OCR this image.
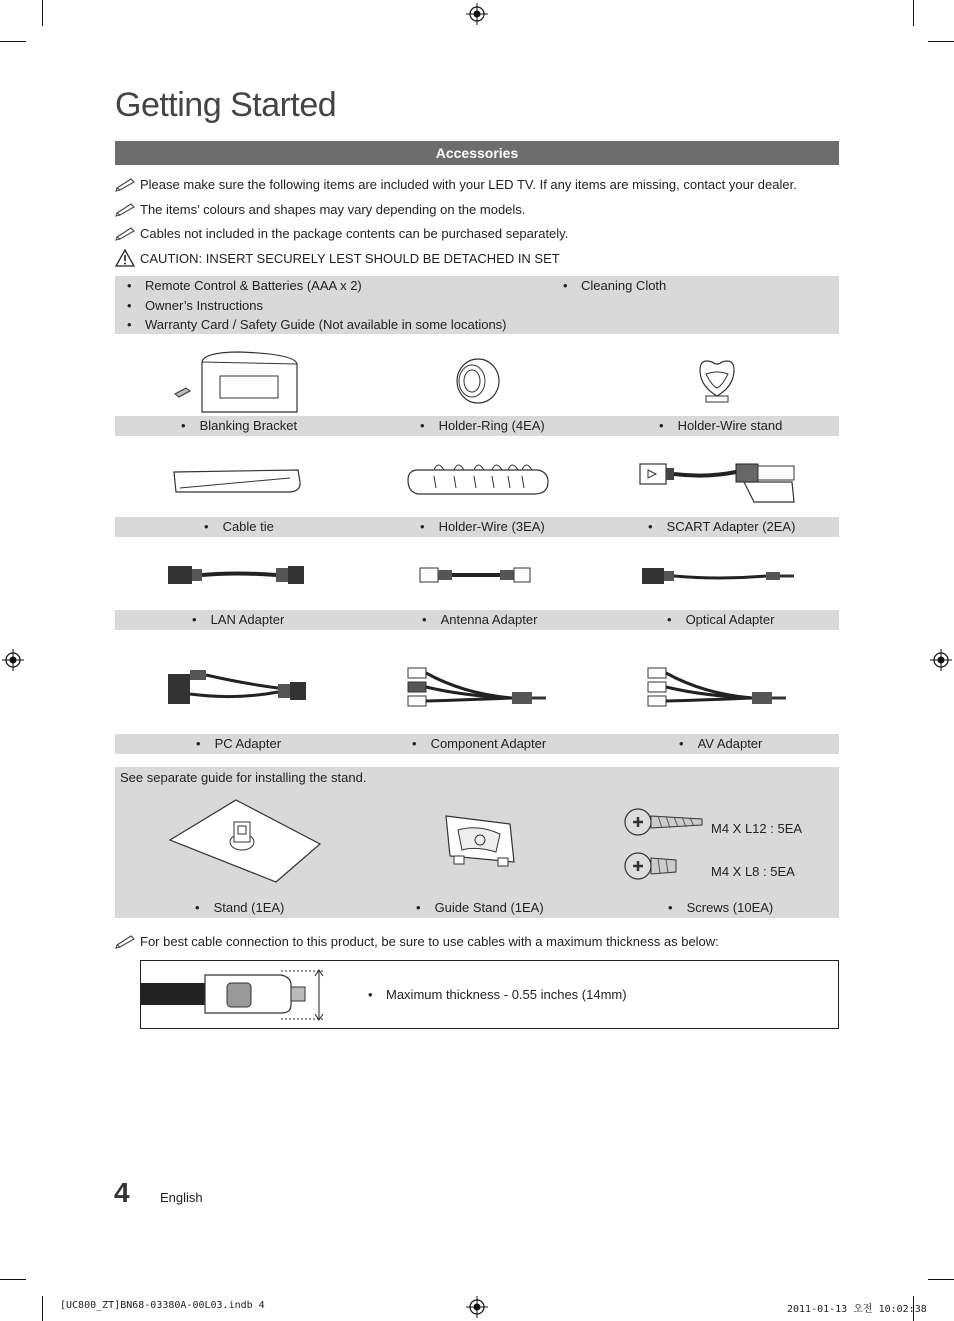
Getting Started
Accessories
Please make sure the following items are included with your LED TV. If any items are missing, contact your dealer.
The items’ colours and shapes may vary depending on the models.
Cables not included in the package contents can be purchased separately.
CAUTION: INSERT SECURELY LEST SHOULD BE DETACHED IN SET
• Remote Control & Batteries (AAA x 2)
• Owner’s Instructions
• Warranty Card / Safety Guide (Not available in some locations)
• Cleaning Cloth
• Blanking Bracket	• Holder-Ring (4EA)	• Holder-Wire stand
• Cable tie	• Holder-Wire (3EA)	• SCART Adapter (2EA)
• LAN Adapter	• Antenna Adapter	• Optical Adapter
• PC Adapter	• Component Adapter	• AV Adapter
See separate guide for installing the stand.
M4 X L12 : 5EA
M4 X L8 : 5EA
• Stand (1EA)	• Guide Stand (1EA)	• Screws (10EA)
For best cable connection to this product, be sure to use cables with a maximum thickness as below:
• Maximum thickness - 0.55 inches (14mm)
4 English
[UC800_ZT]BN68-03380A-00L03.indb 4	2011-01-13 오전 10:02:38
